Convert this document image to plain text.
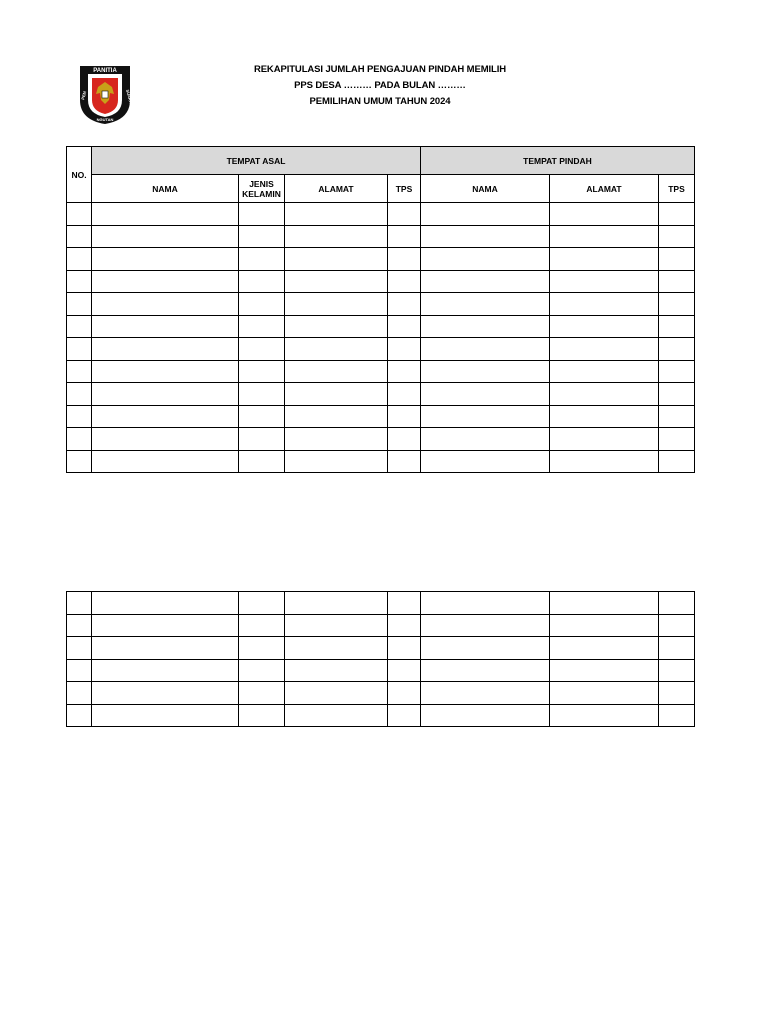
PANITIA
PEM
NGUTAN
SUARA
REKAPITULASI JUMLAH PENGAJUAN PINDAH MEMILIH
PPS DESA ……… PADA BULAN ………
PEMILIHAN UMUM TAHUN 2024
NO.	TEMPAT ASAL				TEMPAT PINDAH		
	NAMA	JENIS
KELAMIN	ALAMAT	TPS	NAMA	ALAMAT	TPS
